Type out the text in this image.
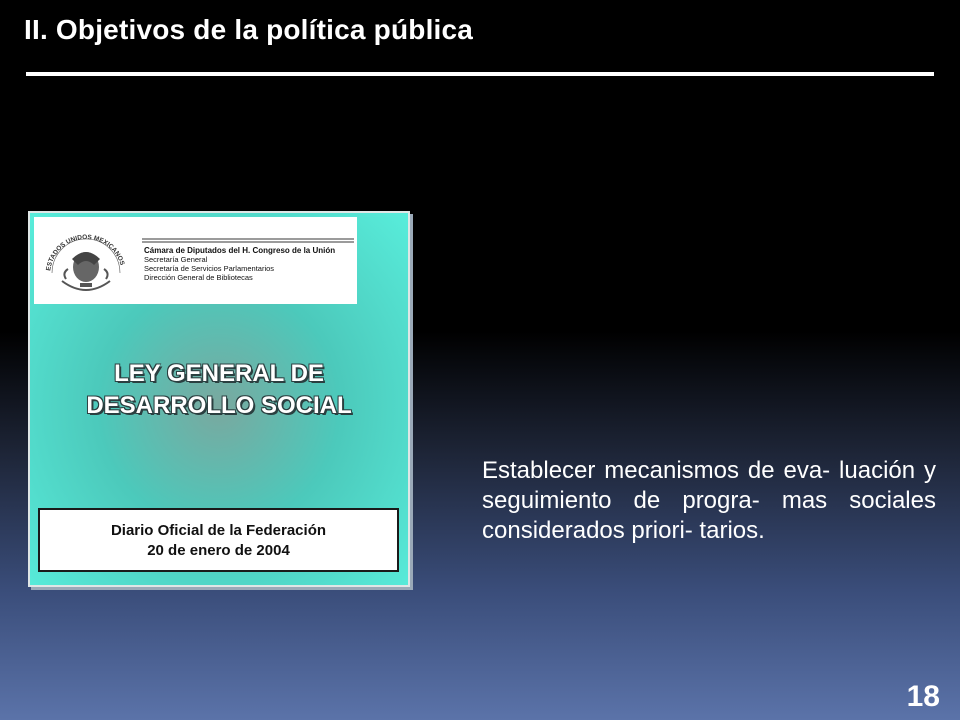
II. Objetivos de la política pública
ESTADOS UNIDOS MEXICANOS
Cámara de Diputados del H. Congreso de la Unión
Secretaría General
Secretaría de Servicios Parlamentarios
Dirección General de Bibliotecas
LEY GENERAL DE
DESARROLLO SOCIAL
Diario Oficial de la Federación
20 de enero de 2004
Establecer mecanismos de eva- luación y seguimiento de progra- mas sociales considerados priori- tarios.
18
